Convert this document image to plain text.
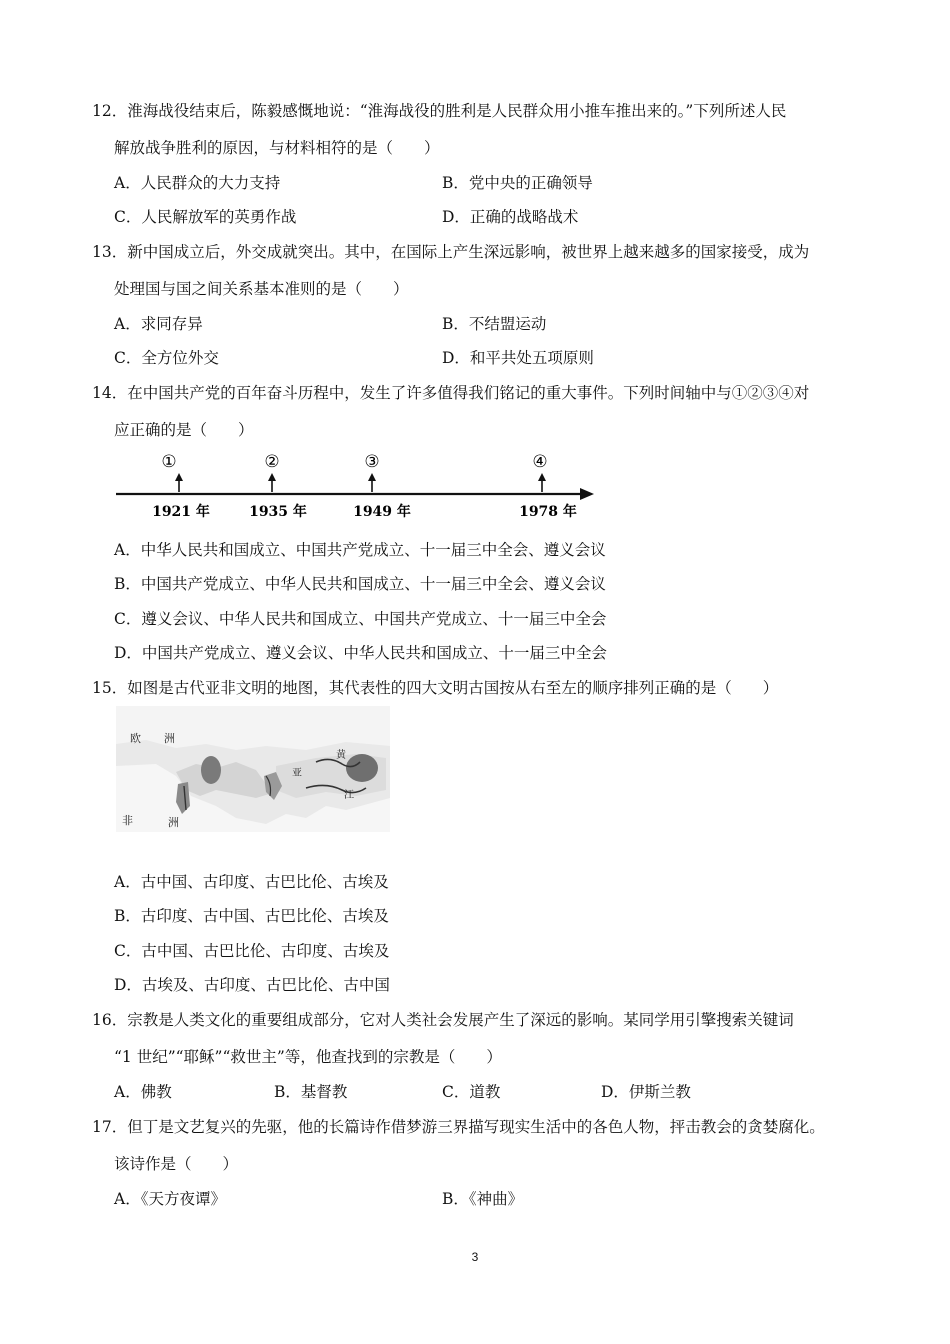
12．淮海战役结束后，陈毅感慨地说：“淮海战役的胜利是人民群众用小推车推出来的。”下列所述人民
解放战争胜利的原因，与材料相符的是（　　）
A．人民群众的大力支持	B．党中央的正确领导
C．人民解放军的英勇作战	D．正确的战略战术
13．新中国成立后，外交成就突出。其中，在国际上产生深远影响，被世界上越来越多的国家接受，成为
处理国与国之间关系基本准则的是（　　）
A．求同存异	B．不结盟运动
C．全方位外交	D．和平共处五项原则
14．在中国共产党的百年奋斗历程中，发生了许多值得我们铭记的重大事件。下列时间轴中与①②③④对
应正确的是（　　）
①
1921 年
②
1935 年
③
1949 年
④
1978 年
A．中华人民共和国成立、中国共产党成立、十一届三中全会、遵义会议
B．中国共产党成立、中华人民共和国成立、十一届三中全会、遵义会议
C．遵义会议、中华人民共和国成立、中国共产党成立、十一届三中全会
D．中国共产党成立、遵义会议、中华人民共和国成立、十一届三中全会
15．如图是古代亚非文明的地图，其代表性的四大文明古国按从右至左的顺序排列正确的是（　　）
欧 洲
非	洲
黄
江
亚
A．古中国、古印度、古巴比伦、古埃及
B．古印度、古中国、古巴比伦、古埃及
C．古中国、古巴比伦、古印度、古埃及
D．古埃及、古印度、古巴比伦、古中国
16．宗教是人类文化的重要组成部分，它对人类社会发展产生了深远的影响。某同学用引擎搜索关键词
“1 世纪”“耶稣”“救世主”等，他查找到的宗教是（　　）
A．佛教	B．基督教	C．道教	D．伊斯兰教
17．但丁是文艺复兴的先驱，他的长篇诗作借梦游三界描写现实生活中的各色人物，抨击教会的贪婪腐化。
该诗作是（　　）
A．《天方夜谭》	B．《神曲》
3
